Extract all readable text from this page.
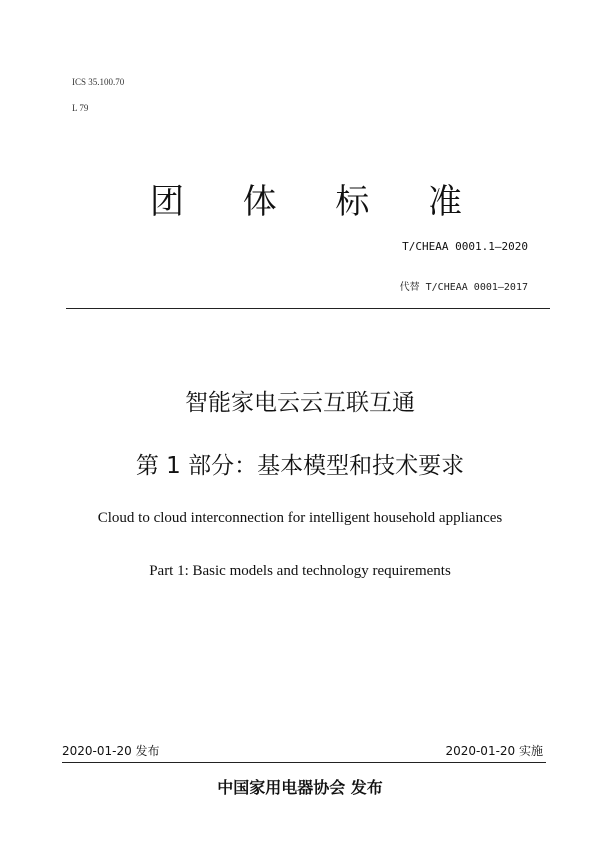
ICS 35.100.70
L 79
团 体 标 准
T/CHEAA 0001.1—2020
代替 T/CHEAA 0001—2017
智能家电云云互联互通
第 1 部分：基本模型和技术要求
Cloud to cloud interconnection for intelligent household appliances
Part 1: Basic models and technology requirements
2020-01-20 发布	2020-01-20 实施
中国家用电器协会 发布
